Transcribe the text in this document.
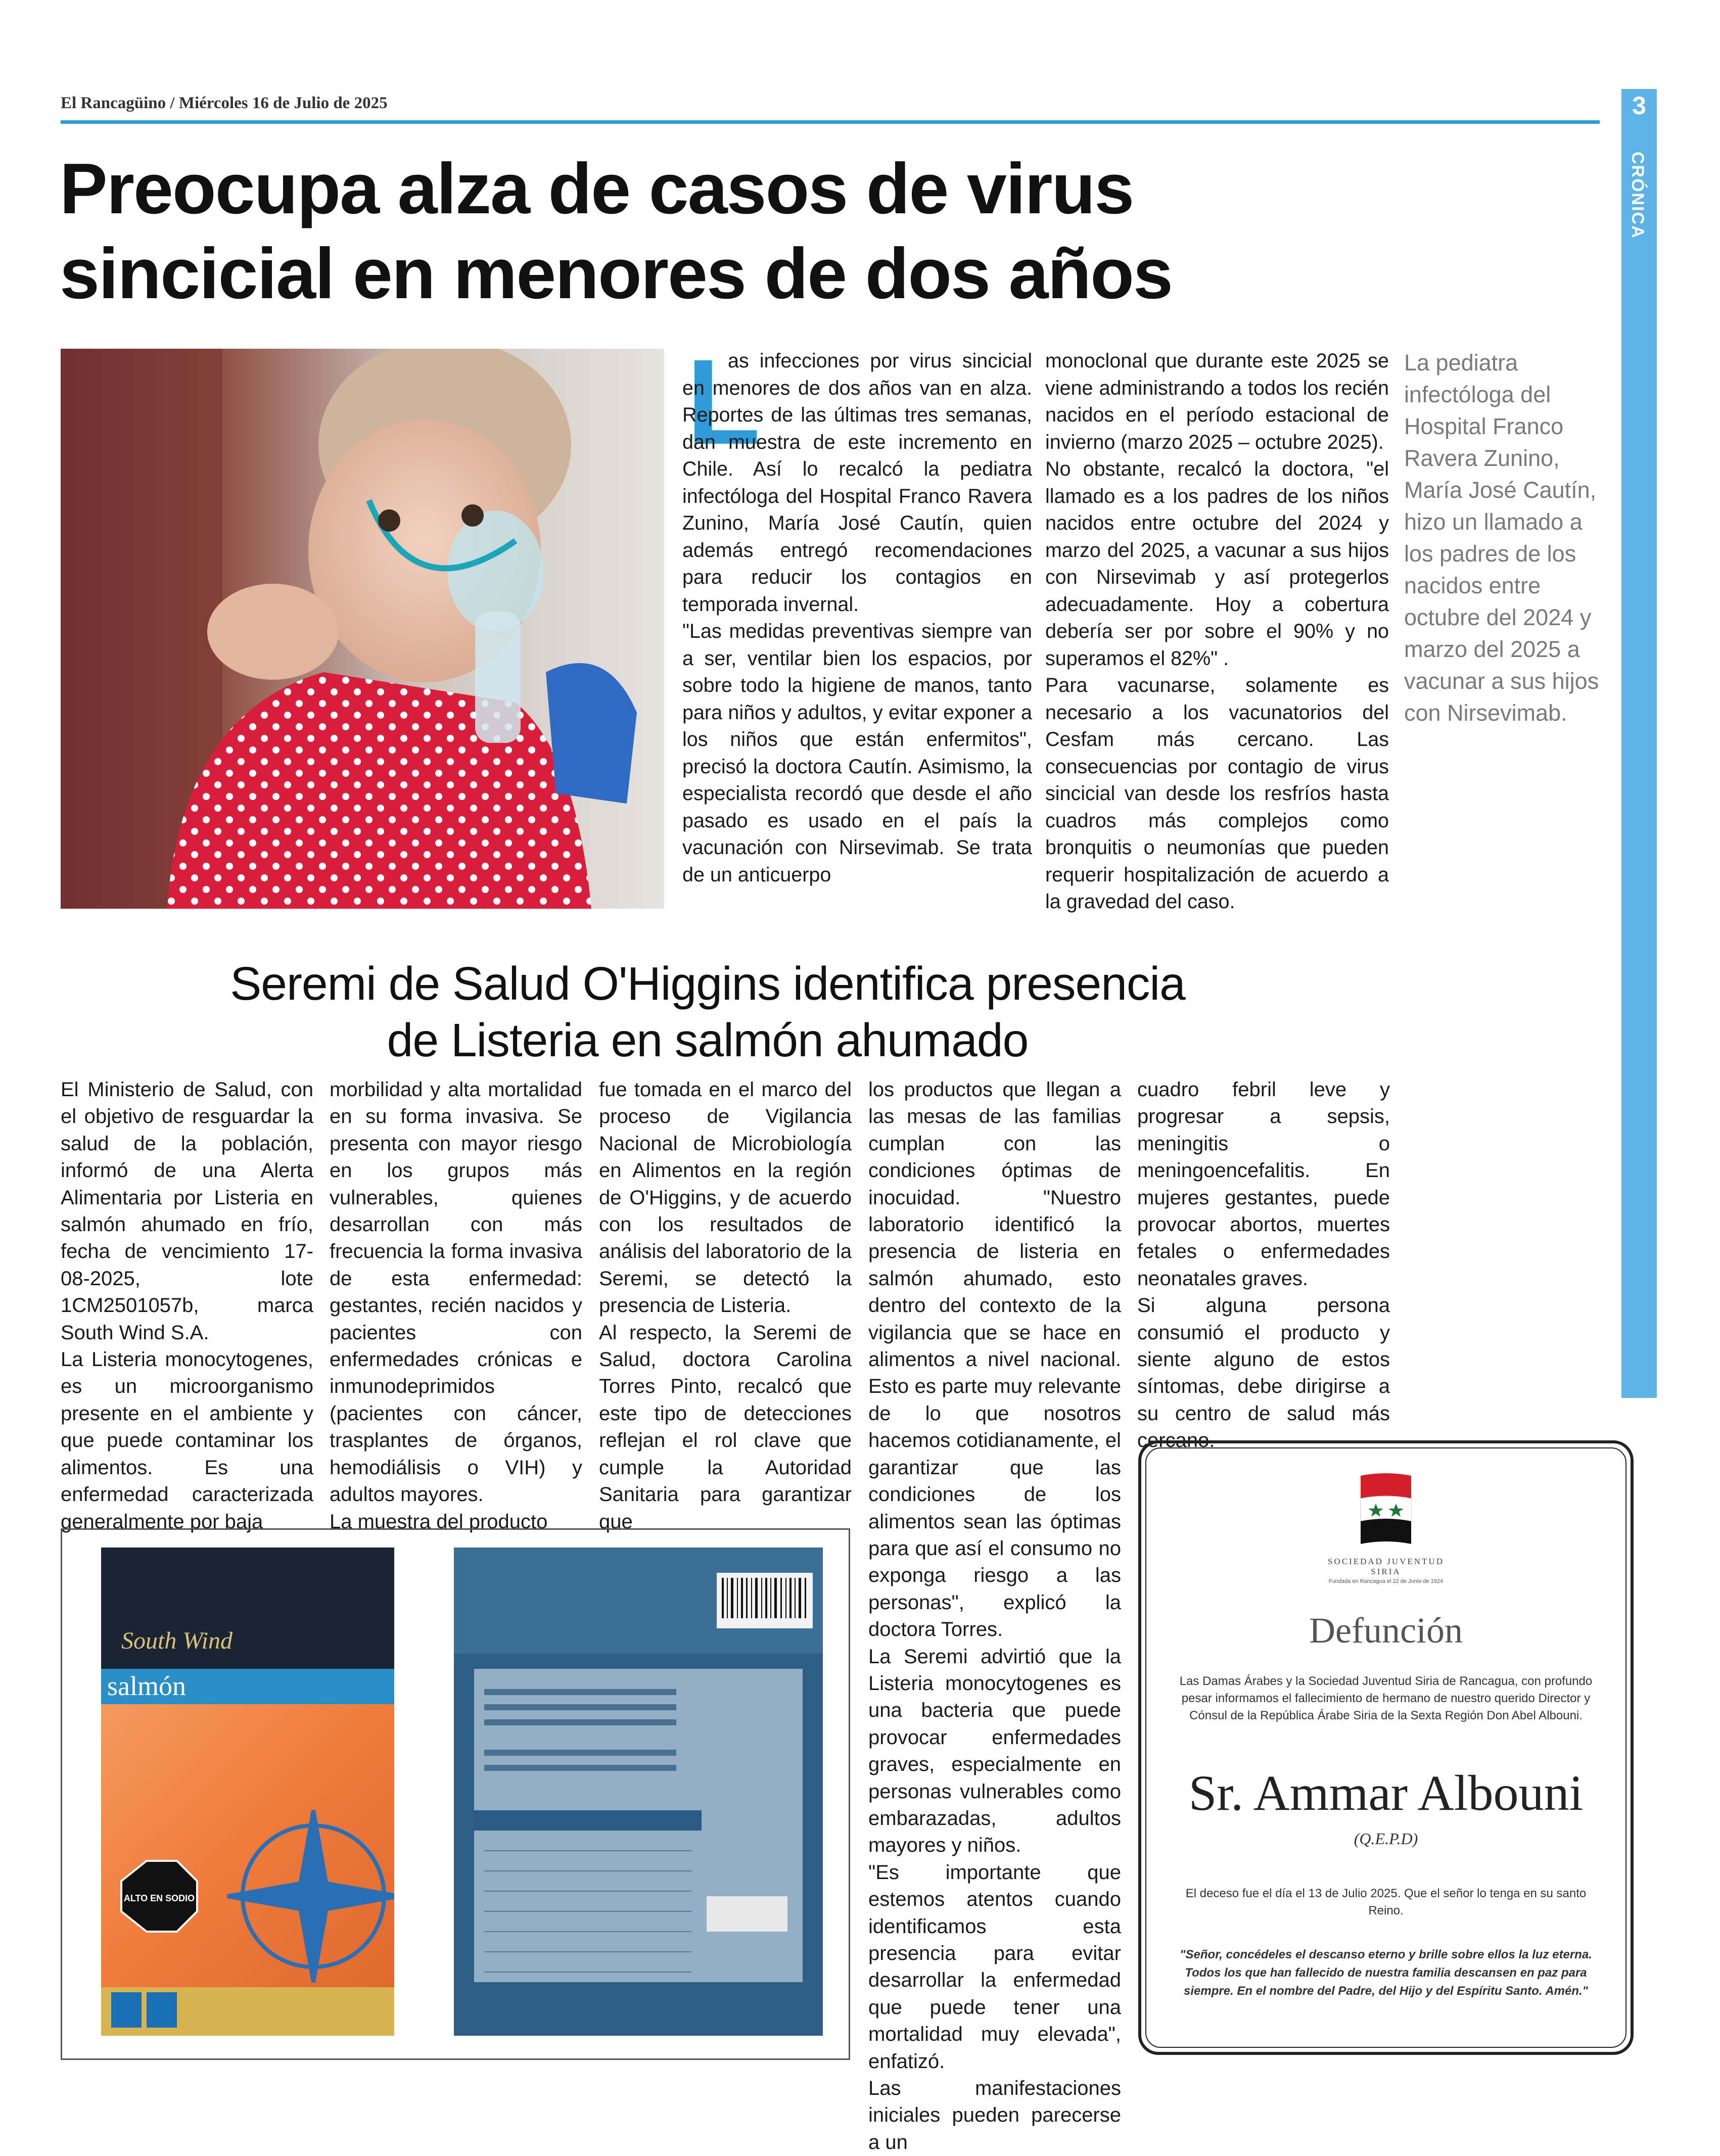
El Rancagüino / Miércoles 16 de Julio de 2025	3
CRÓNICA
Preocupa alza de casos de virus
sincicial en menores de dos años
L

as infecciones por virus sincicial en menores de dos años van en alza. Reportes de las últimas tres semanas, dan muestra de este incremento en Chile. Así lo recalcó la pediatra infectóloga del Hospital Franco Ravera Zunino, María José Cautín, quien además entregó recomendaciones para reducir los contagios en temporada invernal.

"Las medidas preventivas siempre van a ser, ventilar bien los espacios, por sobre todo la higiene de manos, tanto para niños y adultos, y evitar exponer a los niños que están enfermitos", precisó la doctora Cautín. Asimismo, la especialista recordó que desde el año pasado es usado en el país la vacunación con Nirsevimab. Se trata de un anticuerpo

monoclonal que durante este 2025 se viene administrando a todos los recién nacidos en el período estacional de invierno (marzo 2025 – octubre 2025).

No obstante, recalcó la doctora, "el llamado es a los padres de los niños nacidos entre octubre del 2024 y marzo del 2025, a vacunar a sus hijos con Nirsevimab y así protegerlos adecuadamente. Hoy a cobertura debería ser por sobre el 90% y no superamos el 82%" .

Para vacunarse, solamente es necesario a los vacunatorios del Cesfam más cercano. Las consecuencias por contagio de virus sincicial van desde los resfríos hasta cuadros más complejos como bronquitis o neumonías que pueden requerir hospitalización de acuerdo a la gravedad del caso.

La pediatra infectóloga del Hospital Franco Ravera Zunino, María José Cautín, hizo un llamado a los padres de los nacidos entre octubre del 2024 y marzo del 2025 a vacunar a sus hijos con Nirsevimab.
Seremi de Salud O'Higgins identifica presencia
de Listeria en salmón ahumado

El Ministerio de Salud, con el objetivo de resguardar la salud de la población, informó de una Alerta Alimentaria por Listeria en salmón ahumado en frío, fecha de vencimiento 17-08-2025, lote 1CM2501057b, marca South Wind S.A.

La Listeria monocytogenes, es un microorganismo presente en el ambiente y que puede contaminar los alimentos. Es una enfermedad caracterizada generalmente por baja

morbilidad y alta mortalidad en su forma invasiva. Se presenta con mayor riesgo en los grupos más vulnerables, quienes desarrollan con más frecuencia la forma invasiva de esta enfermedad: gestantes, recién nacidos y pacientes con enfermedades crónicas e inmunodeprimidos (pacientes con cáncer, trasplantes de órganos, hemodiálisis o VIH) y adultos mayores.

La muestra del producto

fue tomada en el marco del proceso de Vigilancia Nacional de Microbiología en Alimentos en la región de O'Higgins, y de acuerdo con los resultados de análisis del laboratorio de la Seremi, se detectó la presencia de Listeria.

Al respecto, la Seremi de Salud, doctora Carolina Torres Pinto, recalcó que este tipo de detecciones reflejan el rol clave que cumple la Autoridad Sanitaria para garantizar que

los productos que llegan a las mesas de las familias cumplan con las condiciones óptimas de inocuidad. "Nuestro laboratorio identificó la presencia de listeria en salmón ahumado, esto dentro del contexto de la vigilancia que se hace en alimentos a nivel nacional. Esto es parte muy relevante de lo que nosotros hacemos cotidianamente, el garantizar que las condiciones de los alimentos sean las óptimas para que así el consumo no exponga riesgo a las personas", explicó la doctora Torres.

La Seremi advirtió que la Listeria monocytogenes es una bacteria que puede provocar enfermedades graves, especialmente en personas vulnerables como embarazadas, adultos mayores y niños.

"Es importante que estemos atentos cuando identificamos esta presencia para evitar desarrollar la enfermedad que puede tener una mortalidad muy elevada", enfatizó.

Las manifestaciones iniciales pueden parecerse a un

cuadro febril leve y progresar a sepsis, meningitis o meningoencefalitis. En mujeres gestantes, puede provocar abortos, muertes fetales o enfermedades neonatales graves.

Si alguna persona consumió el producto y siente alguno de estos síntomas, debe dirigirse a su centro de salud más cercano.

South Wind
salmón
ALTO EN SODIO
SOCIEDAD JUVENTUD SIRIA
Fundada en Rancagua el 22 de Junio de 1924
Defunción
Las Damas Árabes y la Sociedad Juventud Siria de Rancagua, con profundo pesar informamos el fallecimiento de hermano de nuestro querido Director y Cónsul de la República Árabe Siria de la Sexta Región Don Abel Albouni.
Sr. Ammar Albouni
(Q.E.P.D)
El deceso fue el día el 13 de Julio 2025. Que el señor lo tenga en su santo Reino.
"Señor, concédeles el descanso eterno y brille sobre ellos la luz eterna. Todos los que han fallecido de nuestra familia descansen en paz para siempre. En el nombre del Padre, del Hijo y del Espíritu Santo. Amén."
